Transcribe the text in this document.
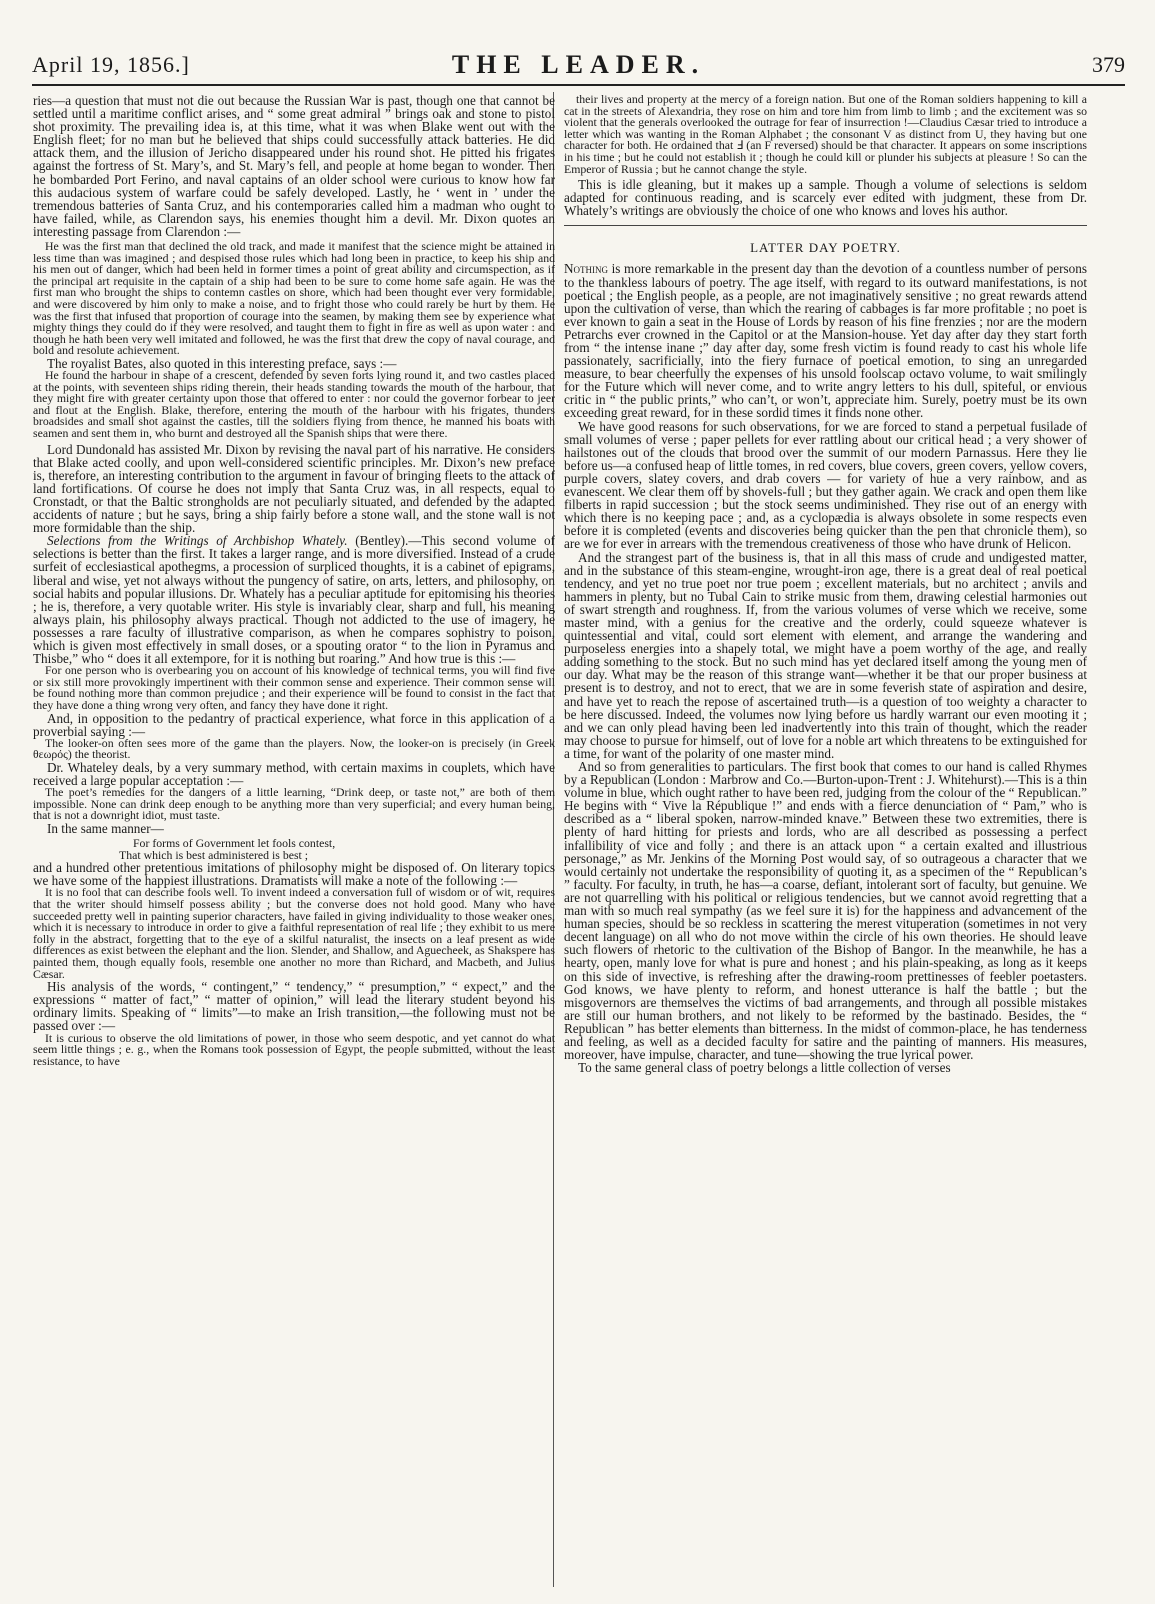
April 19, 1856.]	THE LEADER.	379

ries—a question that must not die out because the Russian War is past, though one that cannot be settled until a maritime conflict arises, and “ some great admiral ” brings oak and stone to pistol shot proximity. The prevailing idea is, at this time, what it was when Blake went out with the English fleet; for no man but he believed that ships could successfully attack batteries. He did attack them, and the illusion of Jericho disappeared under his round shot. He pitted his frigates against the fortress of St. Mary’s, and St. Mary’s fell, and people at home began to wonder. Then he bombarded Port Ferino, and naval captains of an older school were curious to know how far this audacious system of warfare could be safely developed. Lastly, he ‘ went in ’ under the tremendous batteries of Santa Cruz, and his contemporaries called him a madman who ought to have failed, while, as Clarendon says, his enemies thought him a devil. Mr. Dixon quotes an interesting passage from Clarendon :—

He was the first man that declined the old track, and made it manifest that the science might be attained in less time than was imagined ; and despised those rules which had long been in practice, to keep his ship and his men out of danger, which had been held in former times a point of great ability and circumspection, as if the principal art requisite in the captain of a ship had been to be sure to come home safe again. He was the first man who brought the ships to contemn castles on shore, which had been thought ever very formidable, and were discovered by him only to make a noise, and to fright those who could rarely be hurt by them. He was the first that infused that proportion of courage into the seamen, by making them see by experience what mighty things they could do if they were resolved, and taught them to fight in fire as well as upon water : and though he hath been very well imitated and followed, he was the first that drew the copy of naval courage, and bold and resolute achievement.

The royalist Bates, also quoted in this interesting preface, says :—

He found the harbour in shape of a crescent, defended by seven forts lying round it, and two castles placed at the points, with seventeen ships riding therein, their heads standing towards the mouth of the harbour, that they might fire with greater certainty upon those that offered to enter : nor could the governor forbear to jeer and flout at the English. Blake, therefore, entering the mouth of the harbour with his frigates, thunders broadsides and small shot against the castles, till the soldiers flying from thence, he manned his boats with seamen and sent them in, who burnt and destroyed all the Spanish ships that were there.

Lord Dundonald has assisted Mr. Dixon by revising the naval part of his narrative. He considers that Blake acted coolly, and upon well-considered scientific principles. Mr. Dixon’s new preface is, therefore, an interesting contribution to the argument in favour of bringing fleets to the attack of land fortifications. Of course he does not imply that Santa Cruz was, in all respects, equal to Cronstadt, or that the Baltic strongholds are not peculiarly situated, and defended by the adapted accidents of nature ; but he says, bring a ship fairly before a stone wall, and the stone wall is not more formidable than the ship.

Selections from the Writings of Archbishop Whately. (Bentley).—This second volume of selections is better than the first. It takes a larger range, and is more diversified. Instead of a crude surfeit of ecclesiastical apothegms, a procession of surpliced thoughts, it is a cabinet of epigrams, liberal and wise, yet not always without the pungency of satire, on arts, letters, and philosophy, on social habits and popular illusions. Dr. Whately has a peculiar aptitude for epitomising his theories ; he is, therefore, a very quotable writer. His style is invariably clear, sharp and full, his meaning always plain, his philosophy always practical. Though not addicted to the use of imagery, he possesses a rare faculty of illustrative comparison, as when he compares sophistry to poison, which is given most effectively in small doses, or a spouting orator “ to the lion in Pyramus and Thisbe,” who “ does it all extempore, for it is nothing but roaring.” And how true is this :—

For one person who is overbearing you on account of his knowledge of technical terms, you will find five or six still more provokingly impertinent with their common sense and experience. Their common sense will be found nothing more than common prejudice ; and their experience will be found to consist in the fact that they have done a thing wrong very often, and fancy they have done it right.

And, in opposition to the pedantry of practical experience, what force in this application of a proverbial saying :—

The looker-on often sees more of the game than the players. Now, the looker-on is precisely (in Greek θεωρός) the theorist.

Dr. Whateley deals, by a very summary method, with certain maxims in couplets, which have received a large popular acceptation :—

The poet’s remedies for the dangers of a little learning, “Drink deep, or taste not,” are both of them impossible. None can drink deep enough to be anything more than very superficial; and every human being, that is not a downright idiot, must taste.

In the same manner—

For forms of Government let fools contest,

That which is best administered is best ;

and a hundred other pretentious imitations of philosophy might be disposed of. On literary topics we have some of the happiest illustrations. Dramatists will make a note of the following :—

It is no fool that can describe fools well. To invent indeed a conversation full of wisdom or of wit, requires that the writer should himself possess ability ; but the converse does not hold good. Many who have succeeded pretty well in painting superior characters, have failed in giving individuality to those weaker ones, which it is necessary to introduce in order to give a faithful representation of real life ; they exhibit to us mere folly in the abstract, forgetting that to the eye of a skilful naturalist, the insects on a leaf present as wide differences as exist between the elephant and the lion. Slender, and Shallow, and Aguecheek, as Shakspere has painted them, though equally fools, resemble one another no more than Richard, and Macbeth, and Julius Cæsar.

His analysis of the words, “ contingent,” “ tendency,” “ presumption,” “ expect,” and the expressions “ matter of fact,” “ matter of opinion,” will lead the literary student beyond his ordinary limits. Speaking of “ limits”—to make an Irish transition,—the following must not be passed over :—

It is curious to observe the old limitations of power, in those who seem despotic, and yet cannot do what seem little things ; e. g., when the Romans took possession of Egypt, the people submitted, without the least resistance, to have

their lives and property at the mercy of a foreign nation. But one of the Roman soldiers happening to kill a cat in the streets of Alexandria, they rose on him and tore him from limb to limb ; and the excitement was so violent that the generals overlooked the outrage for fear of insurrection !—Claudius Cæsar tried to introduce a letter which was wanting in the Roman Alphabet ; the consonant V as distinct from U, they having but one character for both. He ordained that Ⅎ (an F reversed) should be that character. It appears on some inscriptions in his time ; but he could not establish it ; though he could kill or plunder his subjects at pleasure ! So can the Emperor of Russia ; but he cannot change the style.

This is idle gleaning, but it makes up a sample. Though a volume of selections is seldom adapted for continuous reading, and is scarcely ever edited with judgment, these from Dr. Whately’s writings are obviously the choice of one who knows and loves his author.

LATTER DAY POETRY.

Nothing is more remarkable in the present day than the devotion of a countless number of persons to the thankless labours of poetry. The age itself, with regard to its outward manifestations, is not poetical ; the English people, as a people, are not imaginatively sensitive ; no great rewards attend upon the cultivation of verse, than which the rearing of cabbages is far more profitable ; no poet is ever known to gain a seat in the House of Lords by reason of his fine frenzies ; nor are the modern Petrarchs ever crowned in the Capitol or at the Mansion-house. Yet day after day they start forth from “ the intense inane ;” day after day, some fresh victim is found ready to cast his whole life passionately, sacrificially, into the fiery furnace of poetical emotion, to sing an unregarded measure, to bear cheerfully the expenses of his unsold foolscap octavo volume, to wait smilingly for the Future which will never come, and to write angry letters to his dull, spiteful, or envious critic in “ the public prints,” who can’t, or won’t, appreciate him. Surely, poetry must be its own exceeding great reward, for in these sordid times it finds none other.

We have good reasons for such observations, for we are forced to stand a perpetual fusilade of small volumes of verse ; paper pellets for ever rattling about our critical head ; a very shower of hailstones out of the clouds that brood over the summit of our modern Parnassus. Here they lie before us—a confused heap of little tomes, in red covers, blue covers, green covers, yellow covers, purple covers, slatey covers, and drab covers — for variety of hue a very rainbow, and as evanescent. We clear them off by shovels-full ; but they gather again. We crack and open them like filberts in rapid succession ; but the stock seems undiminished. They rise out of an energy with which there is no keeping pace ; and, as a cyclopædia is always obsolete in some respects even before it is completed (events and discoveries being quicker than the pen that chronicle them), so are we for ever in arrears with the tremendous creativeness of those who have drunk of Helicon.

And the strangest part of the business is, that in all this mass of crude and undigested matter, and in the substance of this steam-engine, wrought-iron age, there is a great deal of real poetical tendency, and yet no true poet nor true poem ; excellent materials, but no architect ; anvils and hammers in plenty, but no Tubal Cain to strike music from them, drawing celestial harmonies out of swart strength and roughness. If, from the various volumes of verse which we receive, some master mind, with a genius for the creative and the orderly, could squeeze whatever is quintessential and vital, could sort element with element, and arrange the wandering and purposeless energies into a shapely total, we might have a poem worthy of the age, and really adding something to the stock. But no such mind has yet declared itself among the young men of our day. What may be the reason of this strange want—whether it be that our proper business at present is to destroy, and not to erect, that we are in some feverish state of aspiration and desire, and have yet to reach the repose of ascertained truth—is a question of too weighty a character to be here discussed. Indeed, the volumes now lying before us hardly warrant our even mooting it ; and we can only plead having been led inadvertently into this train of thought, which the reader may choose to pursue for himself, out of love for a noble art which threatens to be extinguished for a time, for want of the polarity of one master mind.

And so from generalities to particulars. The first book that comes to our hand is called Rhymes by a Republican (London : Marbrow and Co.—Burton-upon-Trent : J. Whitehurst).—This is a thin volume in blue, which ought rather to have been red, judging from the colour of the “ Republican.” He begins with “ Vive la République !” and ends with a fierce denunciation of “ Pam,” who is described as a “ liberal spoken, narrow-minded knave.” Between these two extremities, there is plenty of hard hitting for priests and lords, who are all described as possessing a perfect infallibility of vice and folly ; and there is an attack upon “ a certain exalted and illustrious personage,” as Mr. Jenkins of the Morning Post would say, of so outrageous a character that we would certainly not undertake the responsibility of quoting it, as a specimen of the “ Republican’s ” faculty. For faculty, in truth, he has—a coarse, defiant, intolerant sort of faculty, but genuine. We are not quarrelling with his political or religious tendencies, but we cannot avoid regretting that a man with so much real sympathy (as we feel sure it is) for the happiness and advancement of the human species, should be so reckless in scattering the merest vituperation (sometimes in not very decent language) on all who do not move within the circle of his own theories. He should leave such flowers of rhetoric to the cultivation of the Bishop of Bangor. In the meanwhile, he has a hearty, open, manly love for what is pure and honest ; and his plain-speaking, as long as it keeps on this side of invective, is refreshing after the drawing-room prettinesses of feebler poetasters. God knows, we have plenty to reform, and honest utterance is half the battle ; but the misgovernors are themselves the victims of bad arrangements, and through all possible mistakes are still our human brothers, and not likely to be reformed by the bastinado. Besides, the “ Republican ” has better elements than bitterness. In the midst of common-place, he has tenderness and feeling, as well as a decided faculty for satire and the painting of manners. His measures, moreover, have impulse, character, and tune—showing the true lyrical power.

To the same general class of poetry belongs a little collection of verses
